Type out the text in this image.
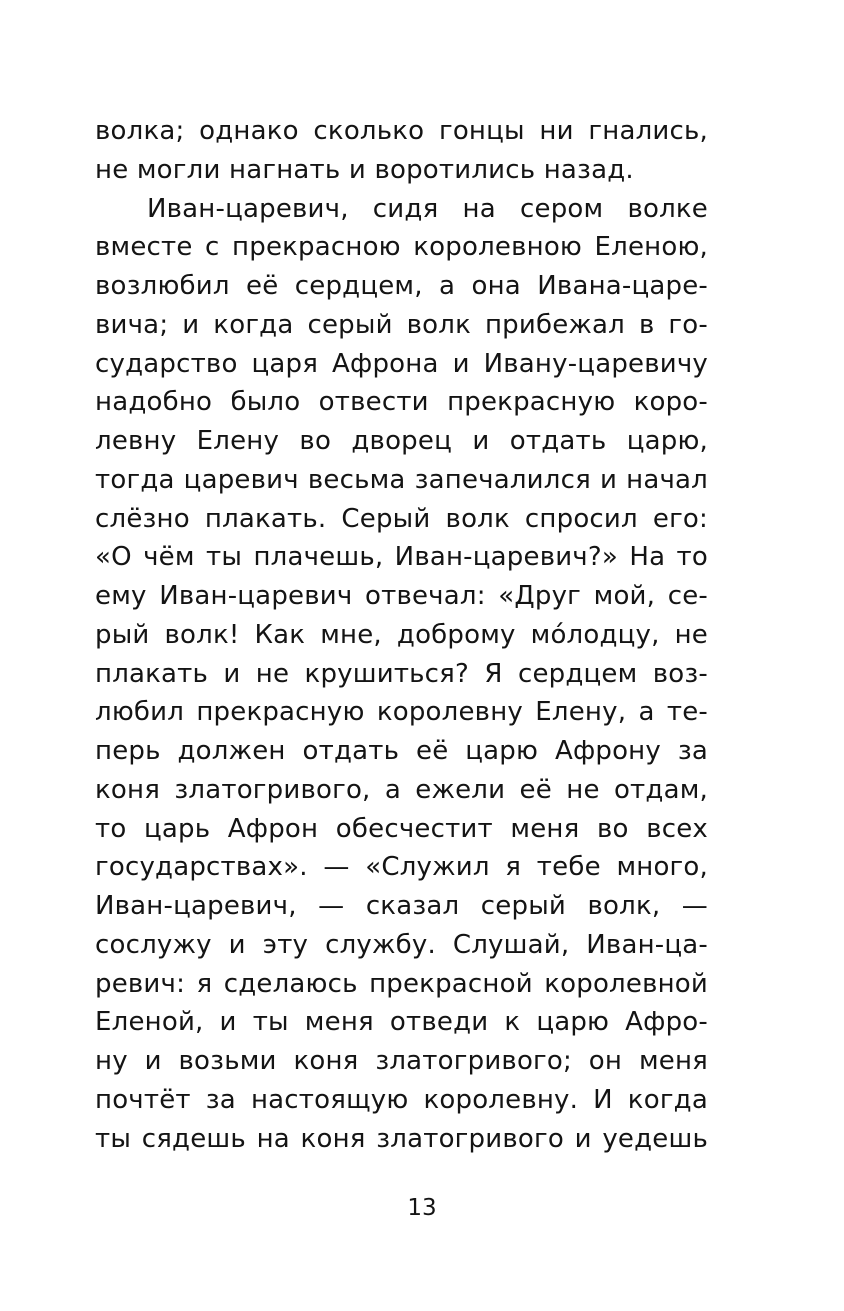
волка; однако сколько гонцы ни гнались,
не могли нагнать и воротились назад.
Иван-царевич, сидя на сером волке
вместе с прекрасною королевною Еленою,
возлюбил её сердцем, а она Ивана-царе-
вича; и когда серый волк прибежал в го-
сударство царя Афрона и Ивану-царевичу
надобно было отвести прекрасную коро-
левну Елену во дворец и отдать царю,
тогда царевич весьма запечалился и начал
слёзно плакать. Серый волк спросил его:
«О чём ты плачешь, Иван-царевич?» На то
ему Иван-царевич отвечал: «Друг мой, се-
рый волк! Как мне, доброму мо́лодцу, не
плакать и не крушиться? Я сердцем воз-
любил прекрасную королевну Елену, а те-
перь должен отдать её царю Афрону за
коня златогривого, а ежели её не отдам,
то царь Афрон обесчестит меня во всех
государствах». — «Служил я тебе много,
Иван-царевич, — сказал серый волк, —
сослужу и эту службу. Слушай, Иван-ца-
ревич: я сделаюсь прекрасной королевной
Еленой, и ты меня отведи к царю Афро-
ну и возьми коня златогривого; он меня
почтёт за настоящую королевну. И когда
ты сядешь на коня златогривого и уедешь
13
